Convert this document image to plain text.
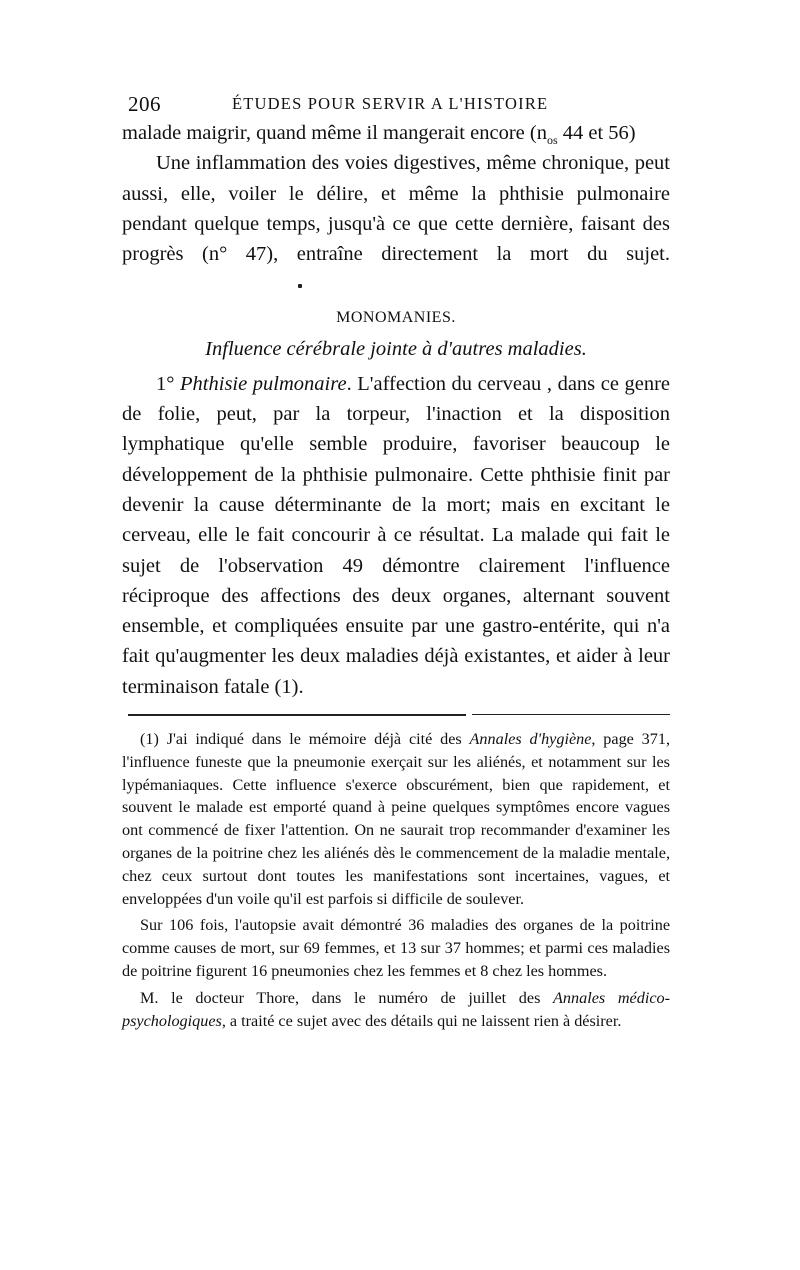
206	ÉTUDES POUR SERVIR A L'HISTOIRE

malade maigrir, quand même il mangerait encore ($n_{os}$ 44 et 56)

Une inflammation des voies digestives, même chronique, peut aussi, elle, voiler le délire, et même la phthisie pulmonaire pendant quelque temps, jusqu'à ce que cette dernière, faisant des progrès (n° 47), entraîne directement la mort du sujet.

MONOMANIES.
Influence cérébrale jointe à d'autres maladies.

1° Phthisie pulmonaire. L'affection du cerveau , dans ce genre de folie, peut, par la torpeur, l'inaction et la disposition lymphatique qu'elle semble produire, favoriser beaucoup le développement de la phthisie pulmonaire. Cette phthisie finit par devenir la cause déterminante de la mort; mais en excitant le cerveau, elle le fait concourir à ce résultat. La malade qui fait le sujet de l'observation 49 démontre clairement l'influence réciproque des affections des deux organes, alternant souvent ensemble, et compliquées ensuite par une gastro-entérite, qui n'a fait qu'augmenter les deux maladies déjà existantes, et aider à leur terminaison fatale (1).

(1) J'ai indiqué dans le mémoire déjà cité des Annales d'hygiène, page 371, l'influence funeste que la pneumonie exerçait sur les aliénés, et notamment sur les lypémaniaques. Cette influence s'exerce obscurément, bien que rapidement, et souvent le malade est emporté quand à peine quelques symptômes encore vagues ont commencé de fixer l'attention. On ne saurait trop recommander d'examiner les organes de la poitrine chez les aliénés dès le commencement de la maladie mentale, chez ceux surtout dont toutes les manifestations sont incertaines, vagues, et enveloppées d'un voile qu'il est parfois si difficile de soulever.

Sur 106 fois, l'autopsie avait démontré 36 maladies des organes de la poitrine comme causes de mort, sur 69 femmes, et 13 sur 37 hommes; et parmi ces maladies de poitrine figurent 16 pneumonies chez les femmes et 8 chez les hommes.

M. le docteur Thore, dans le numéro de juillet des Annales médico-psychologiques, a traité ce sujet avec des détails qui ne laissent rien à désirer.
